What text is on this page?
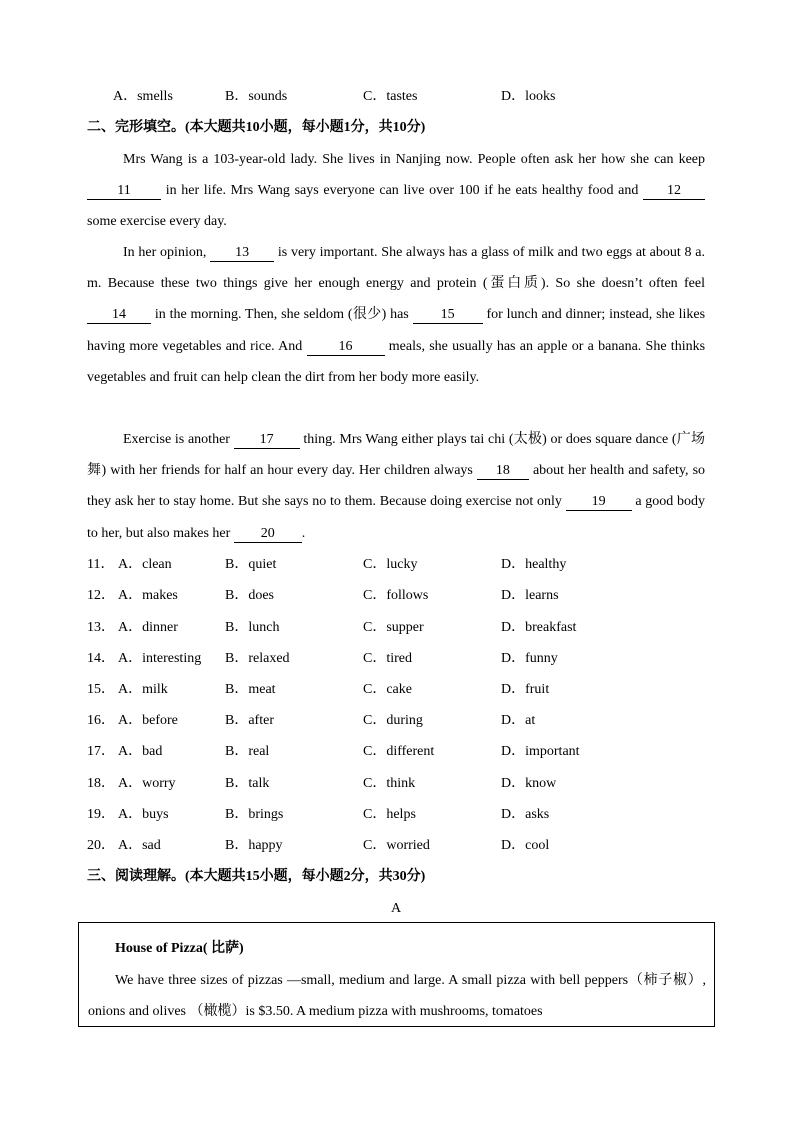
A．smells	B．sounds	C．tastes	D．looks
二、完形填空。(本大题共10小题，每小题1分，共10分)
Mrs Wang is a 103-year-old lady. She lives in Nanjing now. People often ask her how she can keep 11 in her life. Mrs Wang says everyone can live over 100 if he eats healthy food and 12 some exercise every day.
In her opinion, 13 is very important. She always has a glass of milk and two eggs at about 8 a. m. Because these two things give her enough energy and protein (蛋白质). So she doesn’t often feel 14 in the morning. Then, she seldom (很少) has 15 for lunch and dinner; instead, she likes having more vegetables and rice. And	16	meals, she usually has an apple or a banana. She thinks vegetables and fruit can help clean the dirt from her body more easily.
Exercise is another 17 thing. Mrs Wang either plays tai chi (太极) or does square dance (广场舞) with her friends for half an hour every day. Her children always 18 about her health and safety, so they ask her to stay home. But she says no to them. Because doing exercise not only 19 a good body to her, but also makes her 20 .
11． A．clean	B．quiet	C．lucky	D．healthy
12． A．makes	B．does	C．follows	D．learns
13． A．dinner	B．lunch	C．supper	D．breakfast
14． A．interesting B．relaxed	C．tired	D．funny
15． A．milk	B．meat	C．cake	D．fruit
16． A．before	B．after	C．during	D．at
17． A．bad	B．real	C．different	D．important
18． A．worry	B．talk	C．think	D．know
19． A．buys	B．brings	C．helps	D．asks
20． A．sad	B．happy	C．worried	D．cool
三、阅读理解。(本大题共15小题，每小题2分，共30分)
A
House of Pizza( 比萨)
We have three sizes of pizzas —small, medium and large. A small pizza with bell peppers（柿子椒）, onions and olives （橄榄）is $3.50. A medium pizza with mushrooms, tomatoes
